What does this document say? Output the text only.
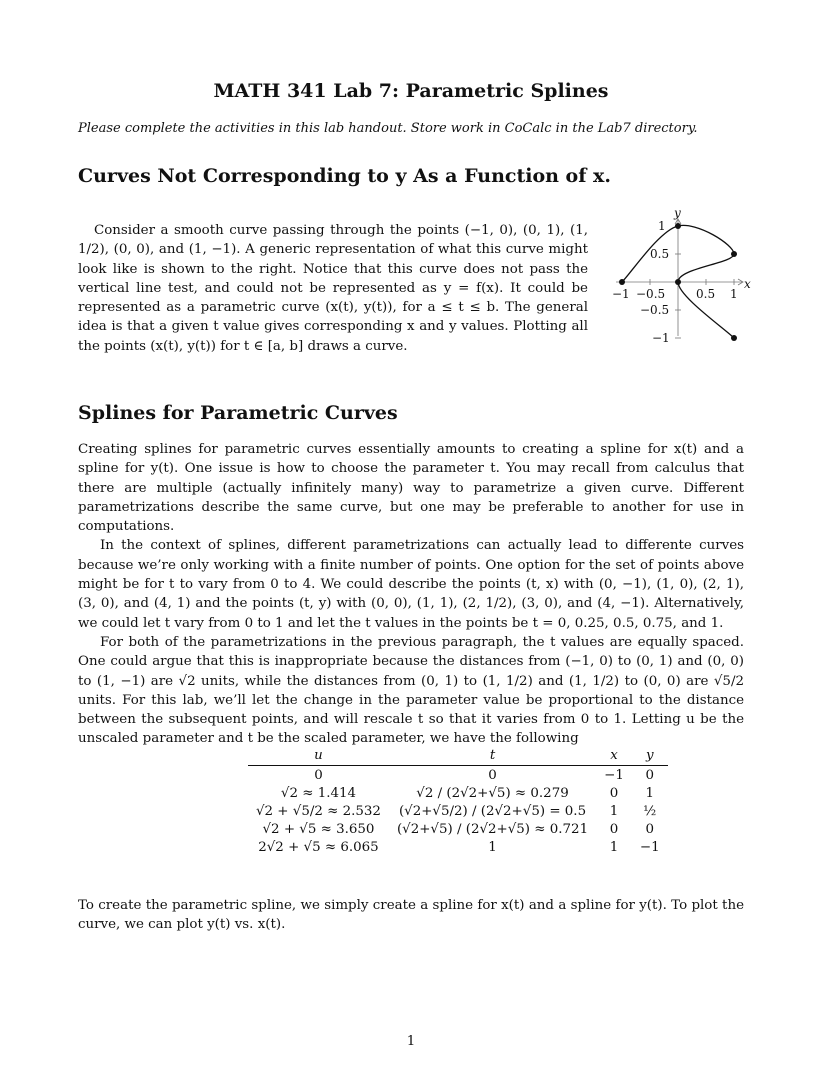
MATH 341 Lab 7: Parametric Splines
Please complete the activities in this lab handout. Store work in CoCalc in the Lab7 directory.
Curves Not Corresponding to y As a Function of x.

Consider a smooth curve passing through the points (−1, 0), (0, 1), (1, 1/2), (0, 0), and (1, −1). A generic representation of what this curve might look like is shown to the right. Notice that this curve does not pass the vertical line test, and could not be represented as y = f(x). It could be represented as a parametric curve (x(t), y(t)), for a ≤ t ≤ b. The general idea is that a given t value gives corresponding x and y values. Plotting all the points (x(t), y(t)) for t ∈ [a, b] draws a curve.

x
y
−1 −0.5	0.5 1
1
0.5
−0.5
−1
Splines for Parametric Curves

Creating splines for parametric curves essentially amounts to creating a spline for x(t) and a spline for y(t). One issue is how to choose the parameter t. You may recall from calculus that there are multiple (actually infinitely many) way to parametrize a given curve. Different parametrizations describe the same curve, but one may be preferable to another for use in computations.

In the context of splines, different parametrizations can actually lead to differente curves because we’re only working with a finite number of points. One option for the set of points above might be for t to vary from 0 to 4. We could describe the points (t, x) with (0, −1), (1, 0), (2, 1), (3, 0), and (4, 1) and the points (t, y) with (0, 0), (1, 1), (2, 1/2), (3, 0), and (4, −1). Alternatively, we could let t vary from 0 to 1 and let the t values in the points be t = 0, 0.25, 0.5, 0.75, and 1.

For both of the parametrizations in the previous paragraph, the t values are equally spaced. One could argue that this is inappropriate because the distances from (−1, 0) to (0, 1) and (0, 0) to (1, −1) are √2 units, while the distances from (0, 1) to (1, 1/2) and (1, 1/2) to (0, 0) are √5/2 units. For this lab, we’ll let the change in the parameter value be proportional to the distance between the subsequent points, and will rescale t so that it varies from 0 to 1. Letting u be the unscaled parameter and t be the scaled parameter, we have the following

u	t	x	y
0	0	−1	0
√2 ≈ 1.414	√2 / (2√2+√5) ≈ 0.279	0	1
√2 + √5/2 ≈ 2.532	(√2+√5/2) / (2√2+√5) = 0.5	1	½
√2 + √5 ≈ 3.650	(√2+√5) / (2√2+√5) ≈ 0.721	0	0
2√2 + √5 ≈ 6.065	1	1	−1

To create the parametric spline, we simply create a spline for x(t) and a spline for y(t). To plot the curve, we can plot y(t) vs. x(t).

1
